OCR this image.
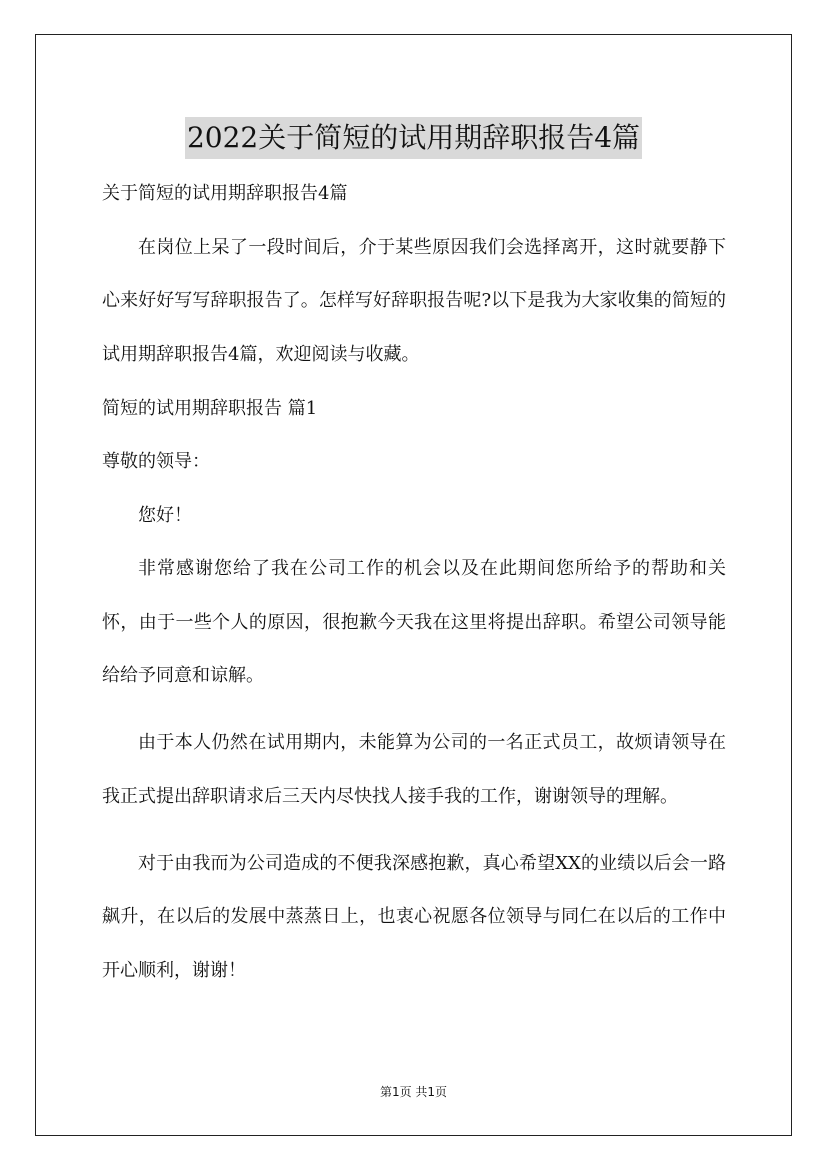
2022关于简短的试用期辞职报告4篇

关于简短的试用期辞职报告4篇

在岗位上呆了一段时间后，介于某些原因我们会选择离开，这时就要静下心来好好写写辞职报告了。怎样写好辞职报告呢?以下是我为大家收集的简短的试用期辞职报告4篇，欢迎阅读与收藏。

简短的试用期辞职报告 篇1

尊敬的领导：

您好！

非常感谢您给了我在公司工作的机会以及在此期间您所给予的帮助和关怀，由于一些个人的原因，很抱歉今天我在这里将提出辞职。希望公司领导能给给予同意和谅解。

由于本人仍然在试用期内，未能算为公司的一名正式员工，故烦请领导在我正式提出辞职请求后三天内尽快找人接手我的工作，谢谢领导的理解。

对于由我而为公司造成的不便我深感抱歉，真心希望XX的业绩以后会一路飙升，在以后的发展中蒸蒸日上，也衷心祝愿各位领导与同仁在以后的工作中开心顺利，谢谢！

第1页 共1页
